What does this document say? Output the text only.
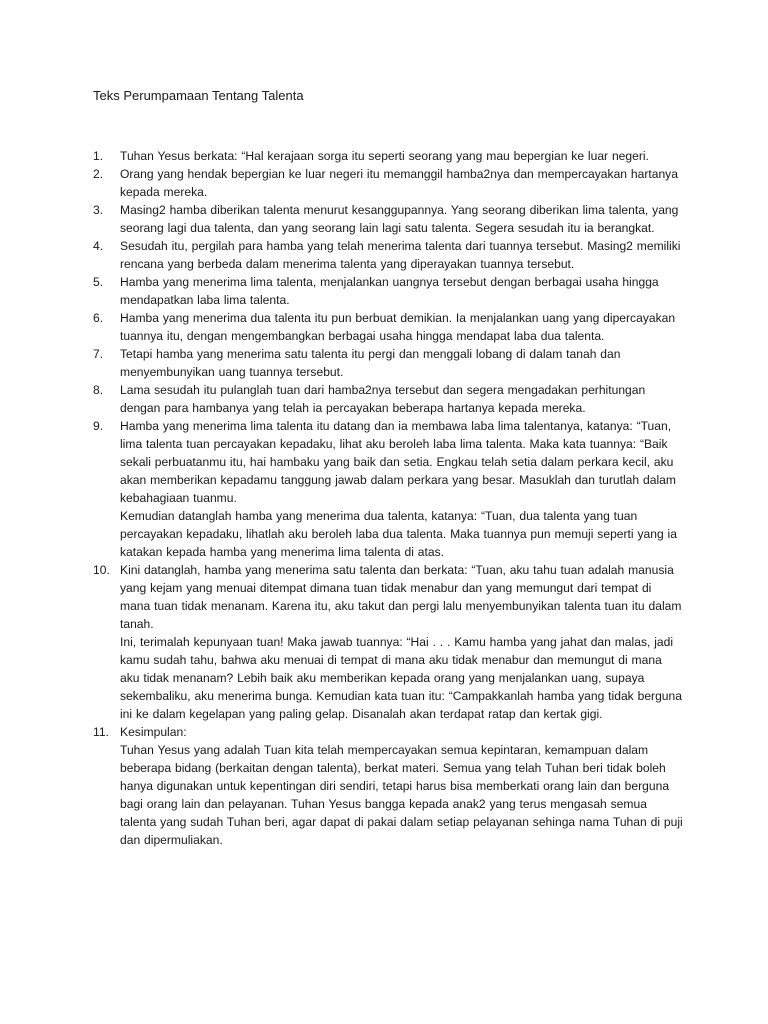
Teks Perumpamaan Tentang Talenta
1.	Tuhan Yesus berkata: “Hal kerajaan sorga itu seperti seorang yang mau bepergian ke luar negeri.
2.	Orang yang hendak bepergian ke luar negeri itu memanggil hamba2nya dan mempercayakan hartanya kepada mereka.
3.	Masing2 hamba diberikan talenta menurut kesanggupannya. Yang seorang diberikan lima talenta, yang seorang lagi dua talenta, dan yang seorang lain lagi satu talenta. Segera sesudah itu ia berangkat.
4.	Sesudah itu, pergilah para hamba yang telah menerima talenta dari tuannya tersebut. Masing2 memiliki rencana yang berbeda dalam menerima talenta yang diperayakan tuannya tersebut.
5.	Hamba yang menerima lima talenta, menjalankan uangnya tersebut dengan berbagai usaha hingga mendapatkan laba lima talenta.
6.	Hamba yang menerima dua talenta itu pun berbuat demikian. Ia menjalankan uang yang dipercayakan tuannya itu, dengan mengembangkan berbagai usaha hingga mendapat laba dua talenta.
7.	Tetapi hamba yang menerima satu talenta itu pergi dan menggali lobang di dalam tanah dan menyembunyikan uang tuannya tersebut.
8.	Lama sesudah itu pulanglah tuan dari hamba2nya tersebut dan segera mengadakan perhitungan dengan para hambanya yang telah ia percayakan beberapa hartanya kepada mereka.
9.	Hamba yang menerima lima talenta itu datang dan ia membawa laba lima talentanya, katanya: “Tuan, lima talenta tuan percayakan kepadaku, lihat aku beroleh laba lima talenta. Maka kata tuannya: “Baik sekali perbuatanmu itu, hai hambaku yang baik dan setia. Engkau telah setia dalam perkara kecil, aku akan memberikan kepadamu tanggung jawab dalam perkara yang besar. Masuklah dan turutlah dalam kebahagiaan tuanmu.
Kemudian datanglah hamba yang menerima dua talenta, katanya: “Tuan, dua talenta yang tuan percayakan kepadaku, lihatlah aku beroleh laba dua talenta. Maka tuannya pun memuji seperti yang ia katakan kepada hamba yang menerima lima talenta di atas.
10. Kini datanglah, hamba yang menerima satu talenta dan berkata: “Tuan, aku tahu tuan adalah manusia yang kejam yang menuai ditempat dimana tuan tidak menabur dan yang memungut dari tempat di mana tuan tidak menanam. Karena itu, aku takut dan pergi lalu menyembunyikan talenta tuan itu dalam tanah.
Ini, terimalah kepunyaan tuan! Maka jawab tuannya: “Hai . . . Kamu hamba yang jahat dan malas, jadi kamu sudah tahu, bahwa aku menuai di tempat di mana aku tidak menabur dan memungut di mana aku tidak menanam? Lebih baik aku memberikan kepada orang yang menjalankan uang, supaya sekembaliku, aku menerima bunga. Kemudian kata tuan itu: “Campakkanlah hamba yang tidak berguna ini ke dalam kegelapan yang paling gelap. Disanalah akan terdapat ratap dan kertak gigi.
11. Kesimpulan:
Tuhan Yesus yang adalah Tuan kita telah mempercayakan semua kepintaran, kemampuan dalam beberapa bidang (berkaitan dengan talenta), berkat materi. Semua yang telah Tuhan beri tidak boleh hanya digunakan untuk kepentingan diri sendiri, tetapi harus bisa memberkati orang lain dan berguna bagi orang lain dan pelayanan. Tuhan Yesus bangga kepada anak2 yang terus mengasah semua talenta yang sudah Tuhan beri, agar dapat di pakai dalam setiap pelayanan sehinga nama Tuhan di puji dan dipermuliakan.
